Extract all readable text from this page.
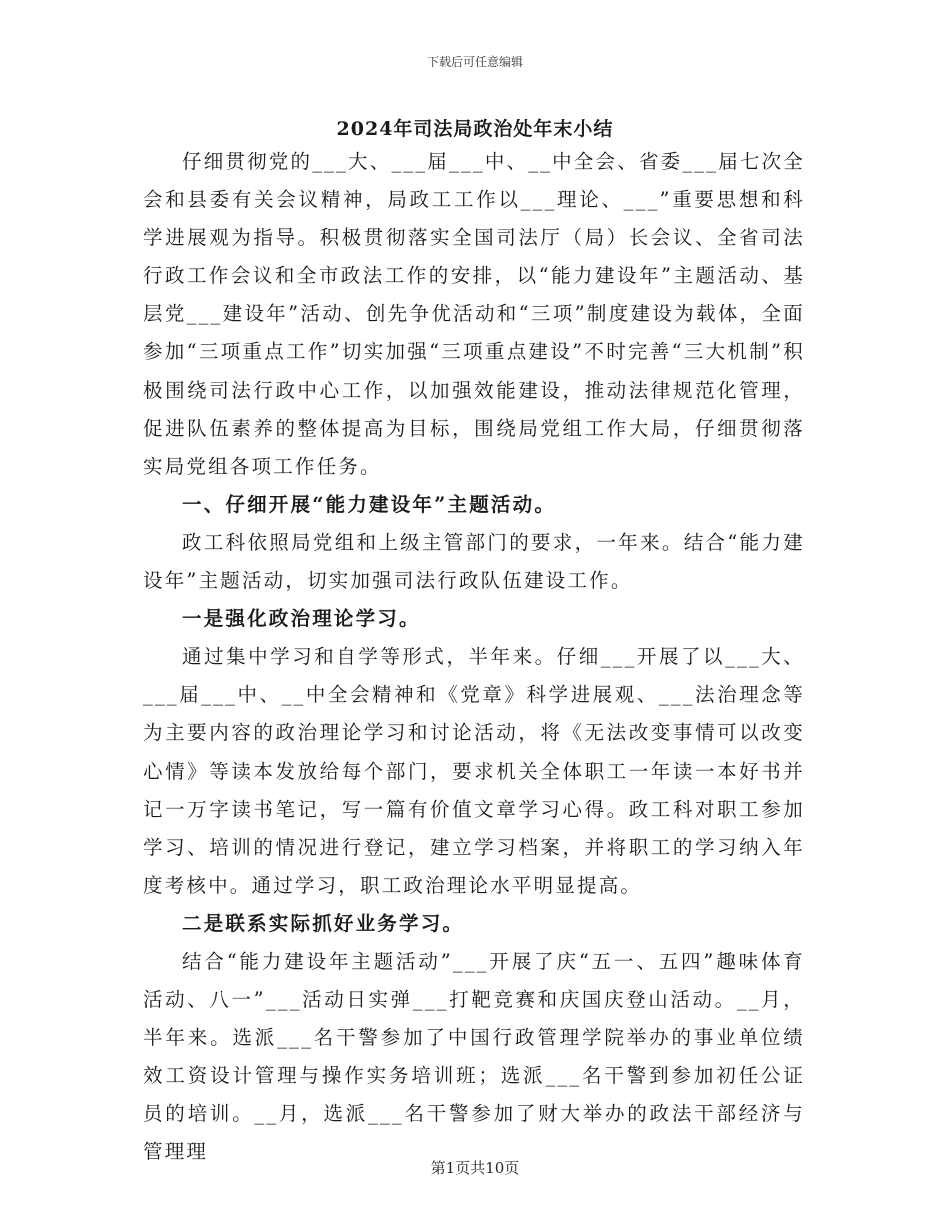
下载后可任意编辑
2024年司法局政治处年末小结

仔细贯彻党的___大、___届___中、__中全会、省委___届七次全会和县委有关会议精神，局政工工作以___理论、___”重要思想和科学进展观为指导。积极贯彻落实全国司法厅（局）长会议、全省司法行政工作会议和全市政法工作的安排，以“能力建设年”主题活动、基层党___建设年”活动、创先争优活动和“三项”制度建设为载体，全面参加“三项重点工作”切实加强“三项重点建设”不时完善“三大机制”积极围绕司法行政中心工作，以加强效能建设，推动法律规范化管理，促进队伍素养的整体提高为目标，围绕局党组工作大局，仔细贯彻落实局党组各项工作任务。

一、仔细开展“能力建设年”主题活动。

政工科依照局党组和上级主管部门的要求，一年来。结合“能力建设年”主题活动，切实加强司法行政队伍建设工作。

一是强化政治理论学习。

通过集中学习和自学等形式，半年来。仔细___开展了以___大、___届___中、__中全会精神和《党章》科学进展观、___法治理念等为主要内容的政治理论学习和讨论活动，将《无法改变事情可以改变心情》等读本发放给每个部门，要求机关全体职工一年读一本好书并记一万字读书笔记，写一篇有价值文章学习心得。政工科对职工参加学习、培训的情况进行登记，建立学习档案，并将职工的学习纳入年度考核中。通过学习，职工政治理论水平明显提高。

二是联系实际抓好业务学习。

结合“能力建设年主题活动”___开展了庆“五一、五四”趣味体育活动、八一”___活动日实弹___打靶竞赛和庆国庆登山活动。__月，半年来。选派___名干警参加了中国行政管理学院举办的事业单位绩效工资设计管理与操作实务培训班；选派___名干警到参加初任公证员的培训。__月，选派___名干警参加了财大举办的政法干部经济与管理理

第1页共10页
